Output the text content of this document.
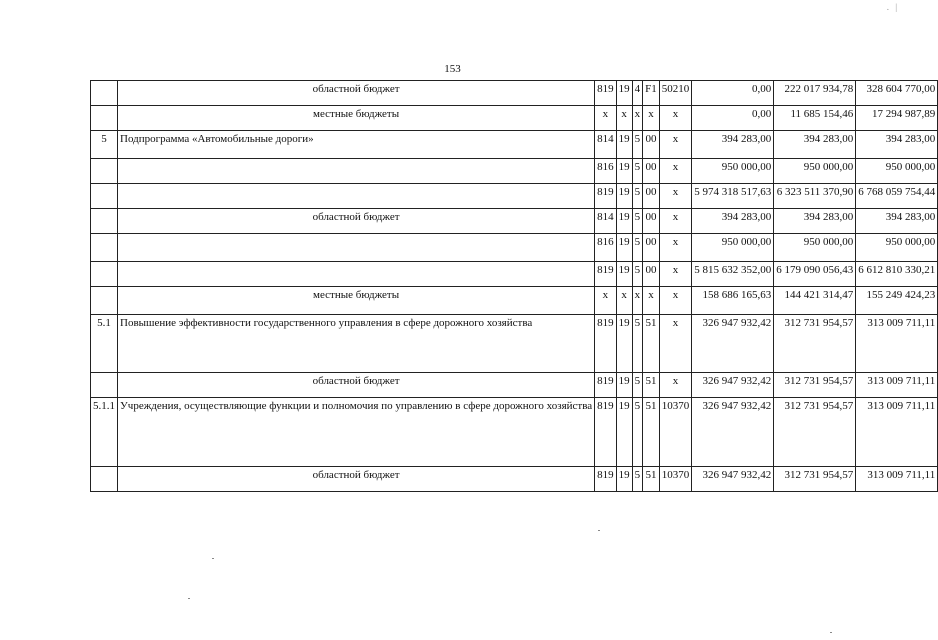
153
. |
	областной бюджет	819	19	4	F1	50210	0,00	222 017 934,78	328 604 770,00
	местные бюджеты	х	х	х	х	х	0,00	11 685 154,46	17 294 987,89
5	Подпрограмма «Автомобильные дороги»	814	19	5	00	х	394 283,00	394 283,00	394 283,00
		816	19	5	00	х	950 000,00	950 000,00	950 000,00
		819	19	5	00	х	5 974 318 517,63	6 323 511 370,90	6 768 059 754,44
	областной бюджет	814	19	5	00	х	394 283,00	394 283,00	394 283,00
		816	19	5	00	х	950 000,00	950 000,00	950 000,00
		819	19	5	00	х	5 815 632 352,00	6 179 090 056,43	6 612 810 330,21
	местные бюджеты	х	х	х	х	х	158 686 165,63	144 421 314,47	155 249 424,23
5.1	Повышение эффективности государственного управления в сфере дорожного хозяйства	819	19	5	51	х	326 947 932,42	312 731 954,57	313 009 711,11
	областной бюджет	819	19	5	51	х	326 947 932,42	312 731 954,57	313 009 711,11
5.1.1	Учреждения, осуществляющие функции и полномочия по управлению в сфере дорожного хозяйства	819	19	5	51	10370	326 947 932,42	312 731 954,57	313 009 711,11
	областной бюджет	819	19	5	51	10370	326 947 932,42	312 731 954,57	313 009 711,11
